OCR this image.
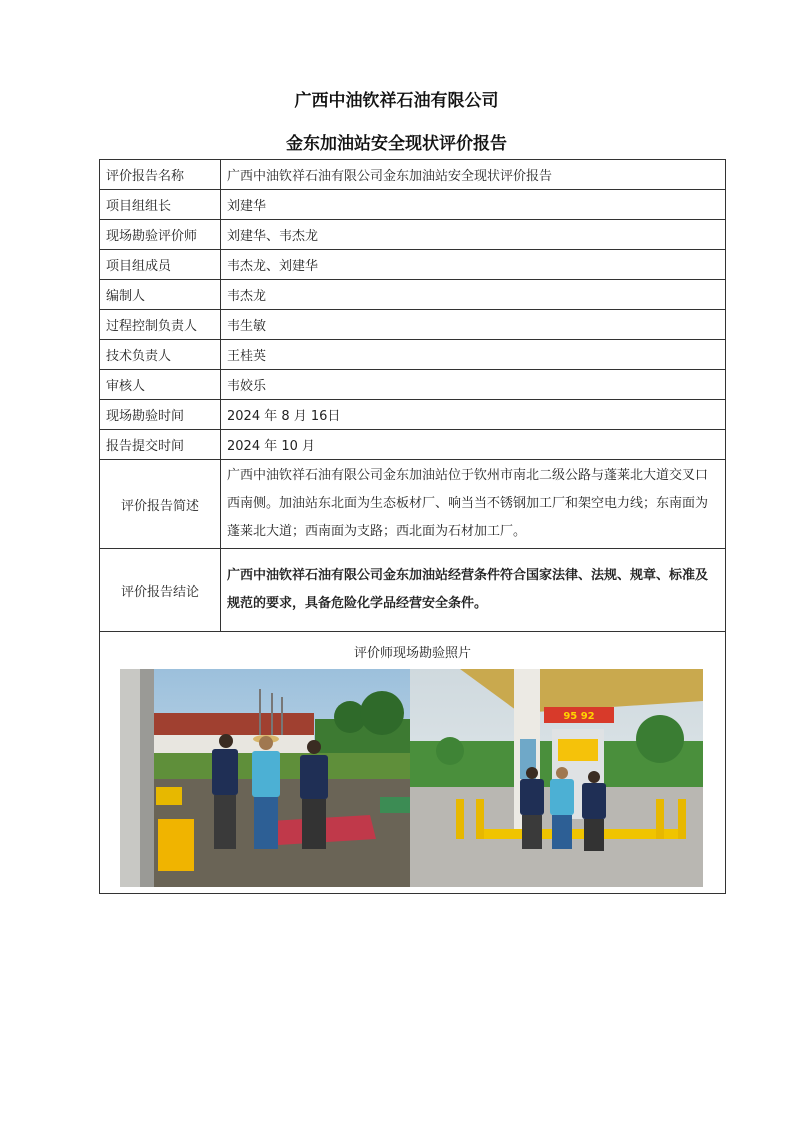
广西中油钦祥石油有限公司
金东加油站安全现状评价报告
评价报告名称	广西中油钦祥石油有限公司金东加油站安全现状评价报告
项目组组长	刘建华
现场勘验评价师	刘建华、韦杰龙
项目组成员	韦杰龙、刘建华
编制人	韦杰龙
过程控制负责人	韦生敏
技术负责人	王桂英
审核人	韦姣乐
现场勘验时间	2024 年 8 月 16日
报告提交时间	2024 年 10 月
评价报告简述	广西中油钦祥石油有限公司金东加油站位于钦州市南北二级公路与蓬莱北大道交叉口西南侧。加油站东北面为生态板材厂、响当当不锈钢加工厂和架空电力线；东南面为蓬莱北大道；西南面为支路；西北面为石材加工厂。
评价报告结论	广西中油钦祥石油有限公司金东加油站经营条件符合国家法律、法规、规章、标准及规范的要求，具备危险化学品经营安全条件。

评价师现场勘验照片
95 92	
